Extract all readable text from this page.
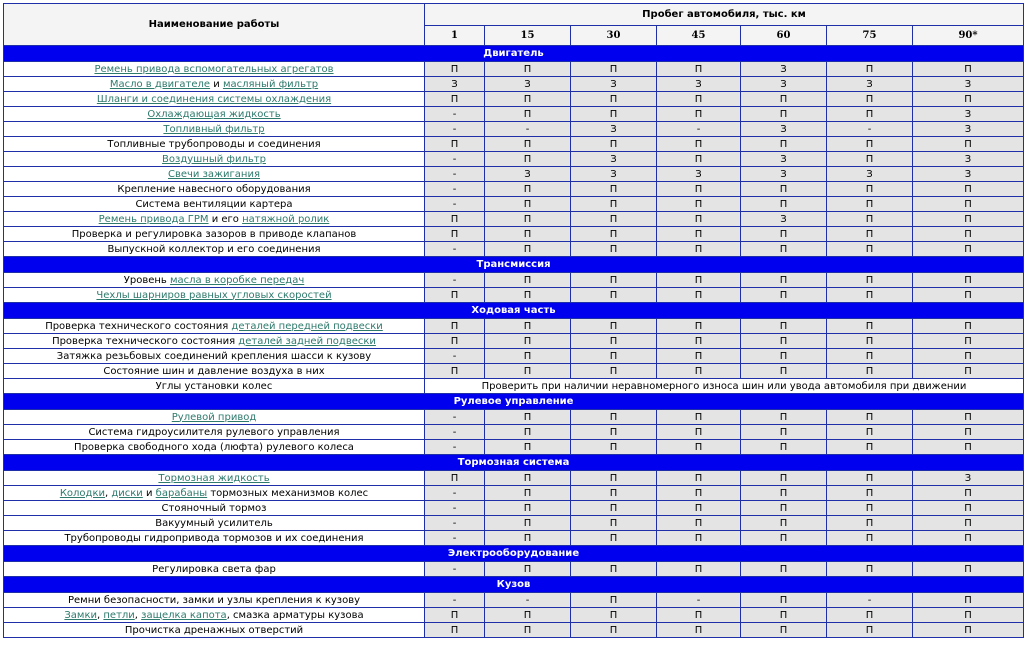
Наименование работы	Пробег автомобиля, тыс. км						
	1	15	30	45	60	75	90*
Двигатель							
Ремень привода вспомогательных агрегатов	П	П	П	П	З	П	П
Масло в двигателе и масляный фильтр	З	З	З	З	З	З	З
Шланги и соединения системы охлаждения	П	П	П	П	П	П	П
Охлаждающая жидкость	-	П	П	П	П	П	З
Топливный фильтр	-	-	З	-	З	-	З
Топливные трубопроводы и соединения	П	П	П	П	П	П	П
Воздушный фильтр	-	П	З	П	З	П	З
Свечи зажигания	-	З	З	З	З	З	З
Крепление навесного оборудования	-	П	П	П	П	П	П
Система вентиляции картера	-	П	П	П	П	П	П
Ремень привода ГРМ и его натяжной ролик	П	П	П	П	З	П	П
Проверка и регулировка зазоров в приводе клапанов	П	П	П	П	П	П	П
Выпускной коллектор и его соединения	-	П	П	П	П	П	П
Трансмиссия							
Уровень масла в коробке передач	-	П	П	П	П	П	П
Чехлы шарниров равных угловых скоростей	П	П	П	П	П	П	П
Ходовая часть							
Проверка технического состояния деталей передней подвески	П	П	П	П	П	П	П
Проверка технического состояния деталей задней подвески	П	П	П	П	П	П	П
Затяжка резьбовых соединений крепления шасси к кузову	-	П	П	П	П	П	П
Состояние шин и давление воздуха в них	П	П	П	П	П	П	П
Углы установки колес	Проверить при наличии неравномерного износа шин или увода автомобиля при движении						
Рулевое управление							
Рулевой привод	-	П	П	П	П	П	П
Система гидроусилителя рулевого управления	-	П	П	П	П	П	П
Проверка свободного хода (люфта) рулевого колеса	-	П	П	П	П	П	П
Тормозная система							
Тормозная жидкость	П	П	П	П	П	П	З
Колодки, диски и барабаны тормозных механизмов колес	-	П	П	П	П	П	П
Стояночный тормоз	-	П	П	П	П	П	П
Вакуумный усилитель	-	П	П	П	П	П	П
Трубопроводы гидропривода тормозов и их соединения	-	П	П	П	П	П	П
Электрооборудование							
Регулировка света фар	-	П	П	П	П	П	П
Кузов							
Ремни безопасности, замки и узлы крепления к кузову	-	-	П	-	П	-	П
Замки, петли, защелка капота, смазка арматуры кузова	П	П	П	П	П	П	П
Прочистка дренажных отверстий	П	П	П	П	П	П	П
